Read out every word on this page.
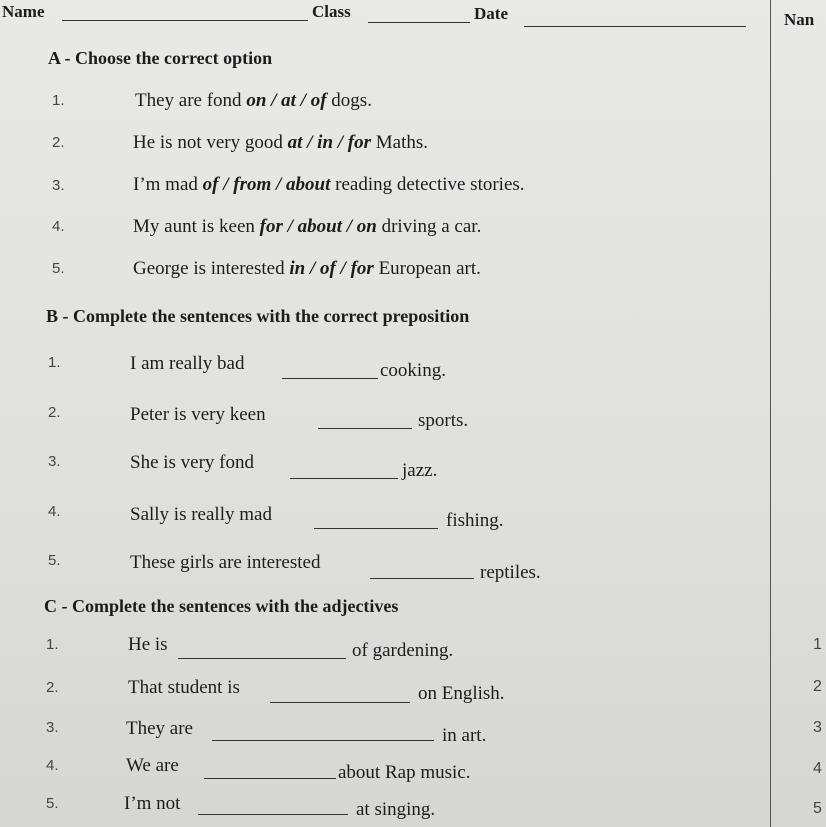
Name	Class	Date	Nan
A - Choose the correct option
1.	They are fond on / at / of dogs.
2.	He is not very good at / in / for Maths.
3.	I’m mad of / from / about reading detective stories.
4.	My aunt is keen for / about / on driving a car.
5.	George is interested in / of / for European art.
B - Complete the sentences with the correct preposition
1.	I am really bad	cooking.
2.	Peter is very keen	sports.
3.	She is very fond	jazz.
4.	Sally is really mad	fishing.
5.	These girls are interested	reptiles.
C - Complete the sentences with the adjectives
1.	He is	of gardening.
2.	That student is	on English.
3.	They are	in art.
4.	We are	about Rap music.
5.	I’m not	at singing.
1
2
3
4
5
